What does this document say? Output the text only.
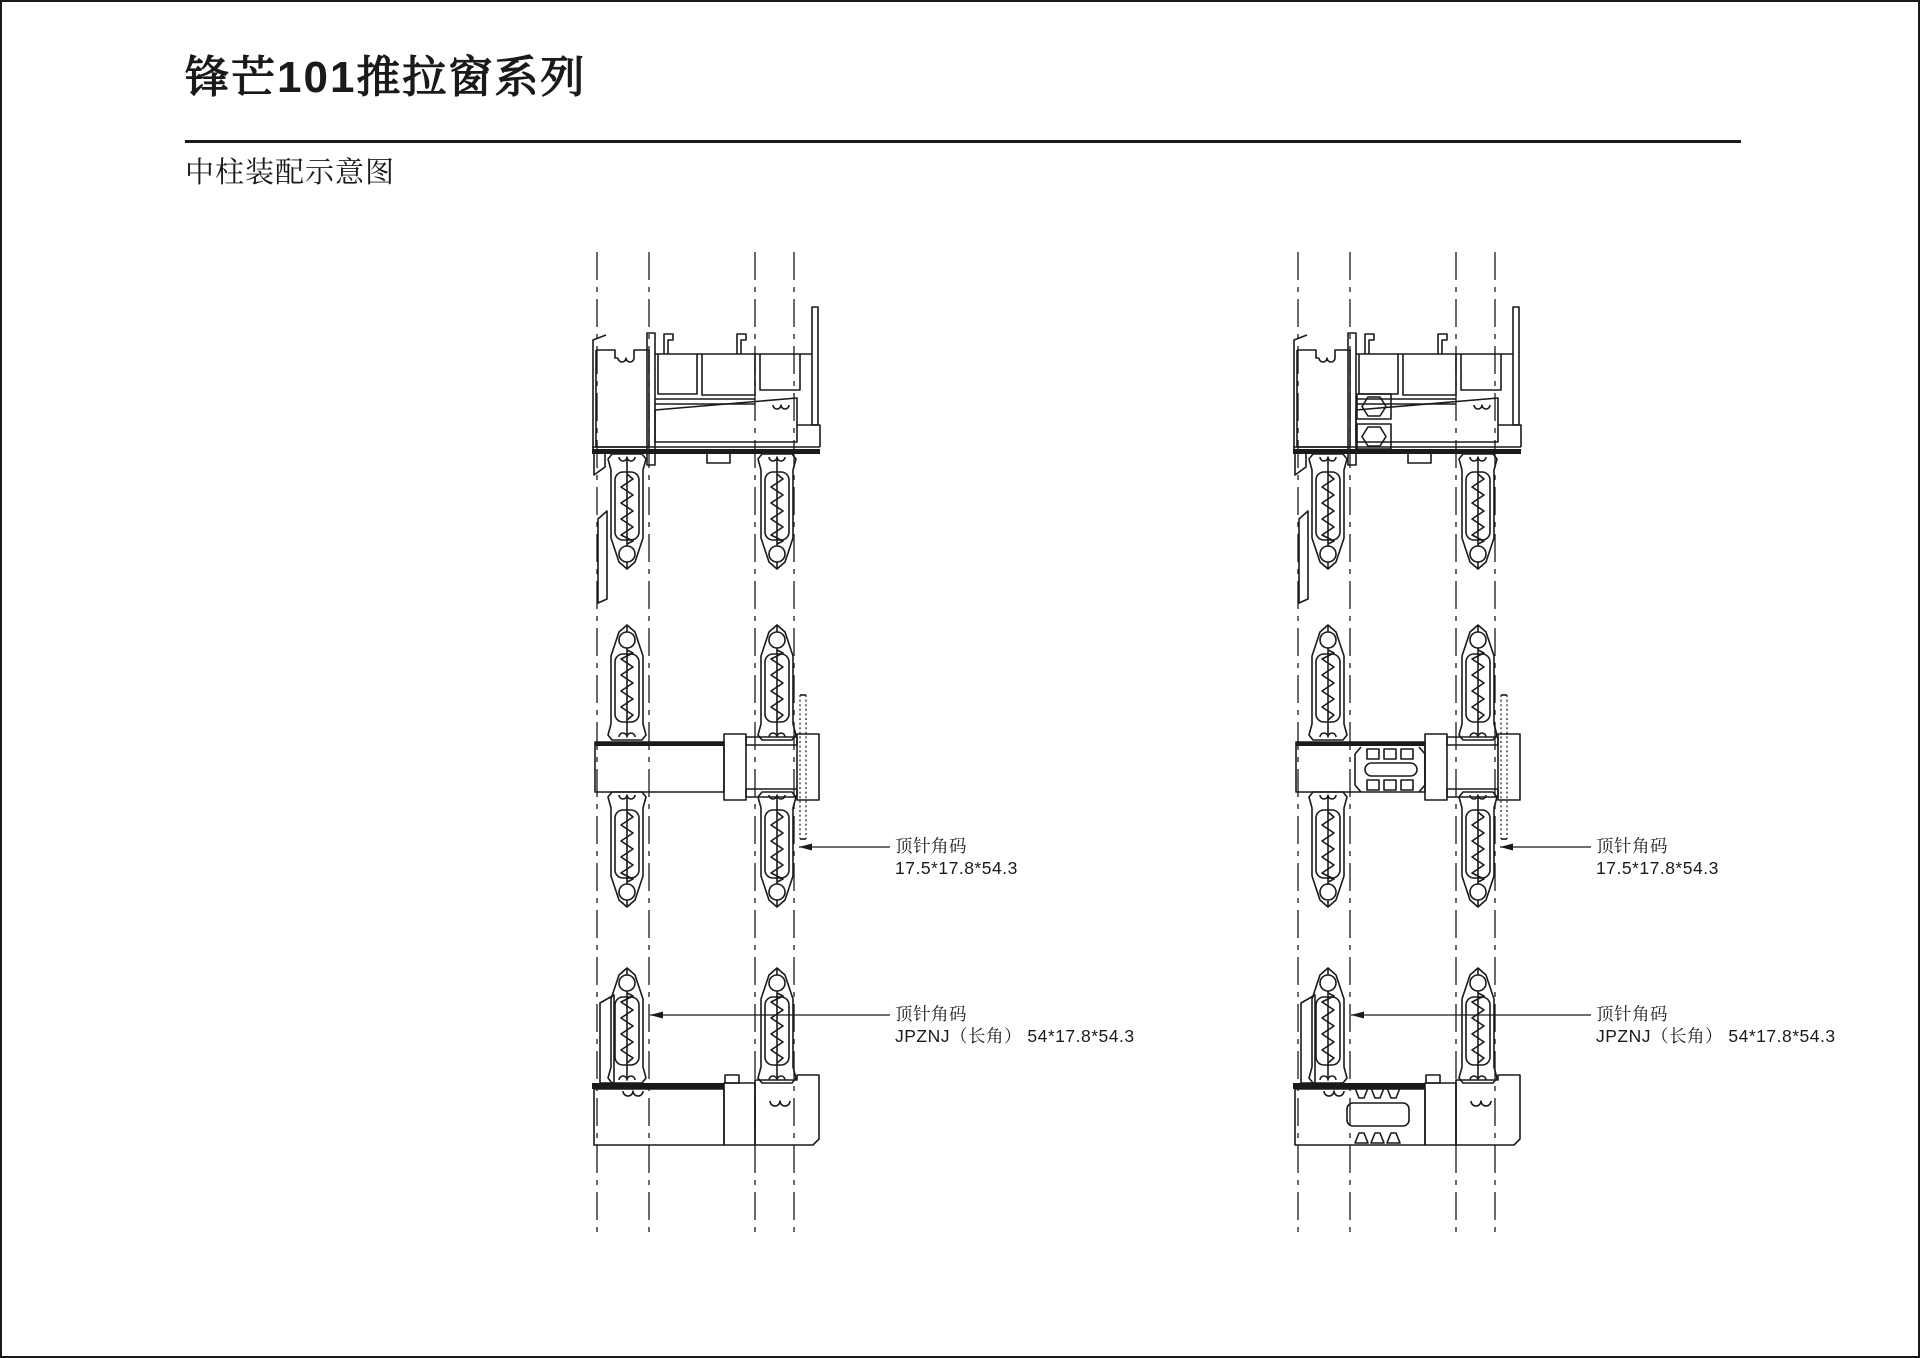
锋芒101推拉窗系列
中柱装配示意图
顶针角码
17.5*17.8*54.3
顶针角码
JPZNJ（长角） 54*17.8*54.3
顶针角码
17.5*17.8*54.3
顶针角码
JPZNJ（长角） 54*17.8*54.3
